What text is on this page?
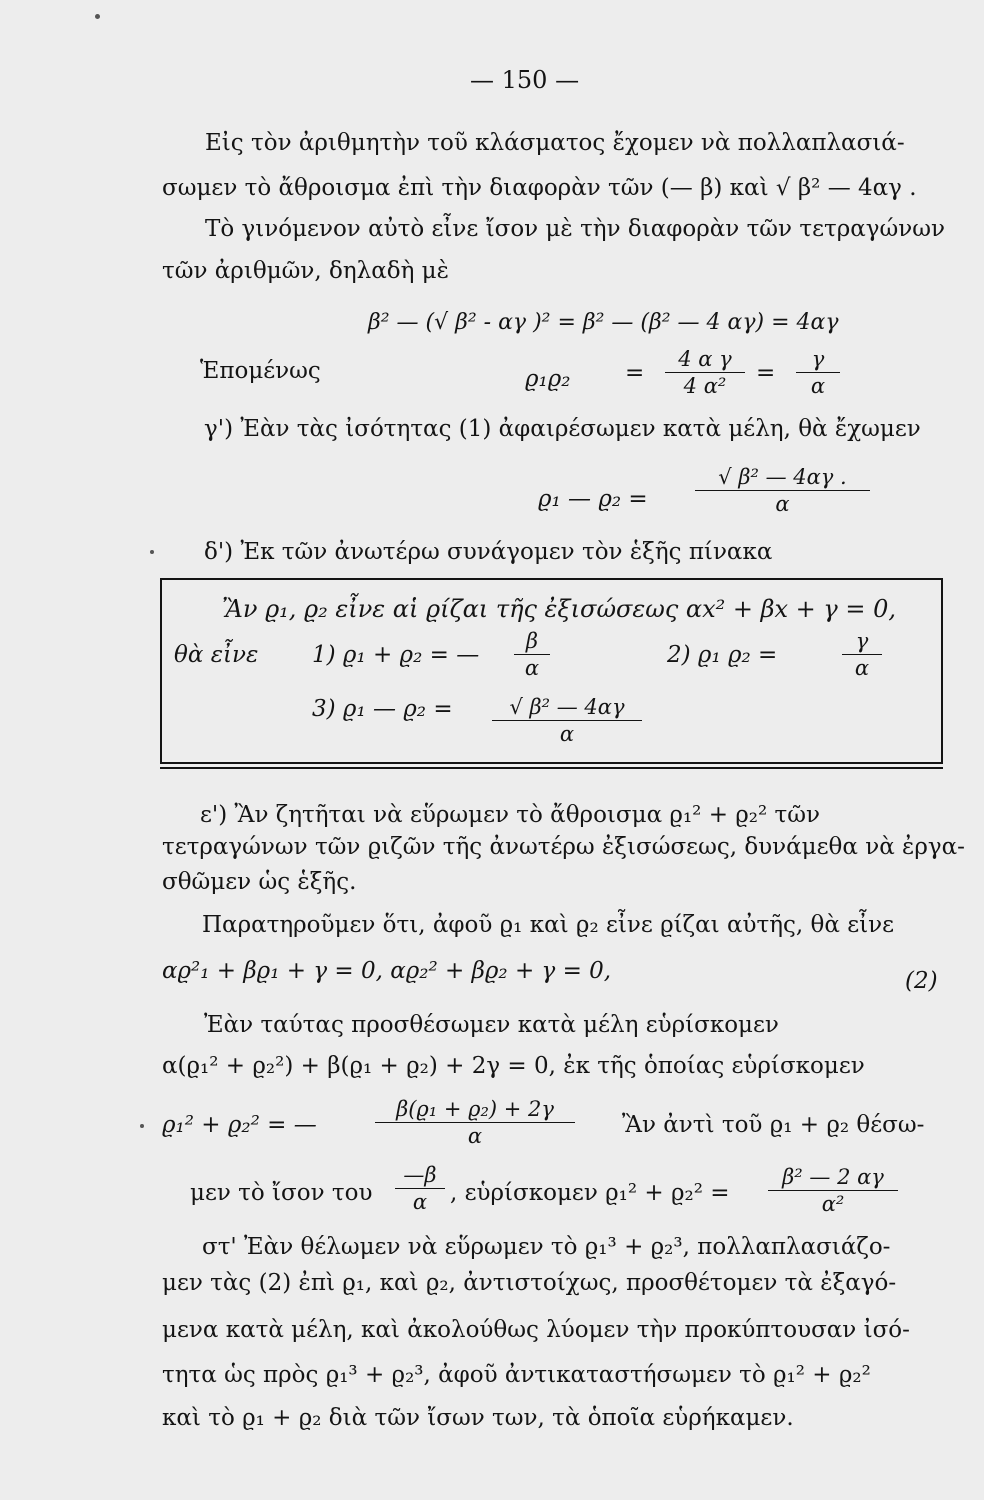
— 150 —
Εἰς τὸν ἀριθμητὴν τοῦ κλάσματος ἔχομεν νὰ πολλαπλασιά-
σωμεν τὸ ἄθροισμα ἐπὶ τὴν διαφορὰν τῶν (— β) καὶ √ β² — 4αγ .
Τὸ γινόμενον αὐτὸ εἶνε ἴσον μὲ τὴν διαφορὰν τῶν τετραγώνων
τῶν ἀριθμῶν, δηλαδὴ μὲ
β² — (√ β² - αγ )² = β² — (β² — 4 αγ) = 4αγ
Ἑπομένως	$ϱ_1ϱ_2 = \frac{\text{4 α γ}}{\text{4 α²}} = \frac{\gamma}{\alpha}$
γ') Ἐὰν τὰς ἰσότητας (1) ἀφαιρέσωμεν κατὰ μέλη, θὰ ἔχωμεν
ϱ₁ — $ϱ_2 = \frac{\text{√ β² — 4αγ .}}{\alpha}$
δ') Ἐκ τῶν ἀνωτέρω συνάγομεν τὸν ἑξῆς πίνακα
Ἂν ϱ₁, ϱ₂ εἶνε αἱ ϱίζαι τῆς ἐξισώσεως αx² + βx + γ = 0,
θὰ εἶνε 1) ϱ₁ + ϱ₂ = — $\frac{\beta}{\alpha}$	2) ϱ₁ ϱ₂ =	$\frac{\gamma}{\alpha}$
3) ϱ₁ — $ϱ_2 = \frac{\text{√ β² — 4αγ}}{\alpha}$
ε') Ἂν ζητῆται νὰ εὕρωμεν τὸ ἄθροισμα ϱ₁² + ϱ₂² τῶν
τετραγώνων τῶν ϱιζῶν τῆς ἀνωτέρω ἐξισώσεως, δυνάμεθα νὰ ἐργα-
σθῶμεν ὡς ἑξῆς.
Παρατηροῦμεν ὅτι, ἀφοῦ ϱ₁ καὶ ϱ₂ εἶνε ϱίζαι αὐτῆς, θὰ εἶνε
αϱ²₁ + βϱ₁ + γ = 0, αϱ₂² + βϱ₂ + γ = 0,	(2)
Ἐὰν ταύτας προσθέσωμεν κατὰ μέλη εὑρίσκομεν
α(ϱ₁² + ϱ₂²) + β(ϱ₁ + ϱ₂) + 2γ = 0, ἐκ τῆς ὁποίας εὑρίσκομεν
ϱ₁² + ϱ₂² = —	$\frac{\text{β(ϱ₁ + ϱ₂) + 2γ}}{\alpha}$ Ἂν ἀντὶ τοῦ ϱ₁ + ϱ₂ θέσω-
μεν τὸ ἴσον του $\frac{—\beta}{\alpha}$ , εὑρίσκομεν $ϱ_1^2 + ϱ_2^2 = \frac{\text{β² — 2 αγ}}{\text{α²}}$
στ' Ἐὰν θέλωμεν νὰ εὕρωμεν τὸ ϱ₁³ + ϱ₂³, πολλαπλασιάζο-
μεν τὰς (2) ἐπὶ ϱ₁, καὶ ϱ₂, ἀντιστοίχως, προσθέτομεν τὰ ἐξαγό-
μενα κατὰ μέλη, καὶ ἀκολούθως λύομεν τὴν προκύπτουσαν ἰσό-
τητα ὡς πρὸς ϱ₁³ + ϱ₂³, ἀφοῦ ἀντικαταστήσωμεν τὸ ϱ₁² + ϱ₂²
καὶ τὸ ϱ₁ + ϱ₂ διὰ τῶν ἴσων των, τὰ ὁποῖα εὑρήκαμεν.
